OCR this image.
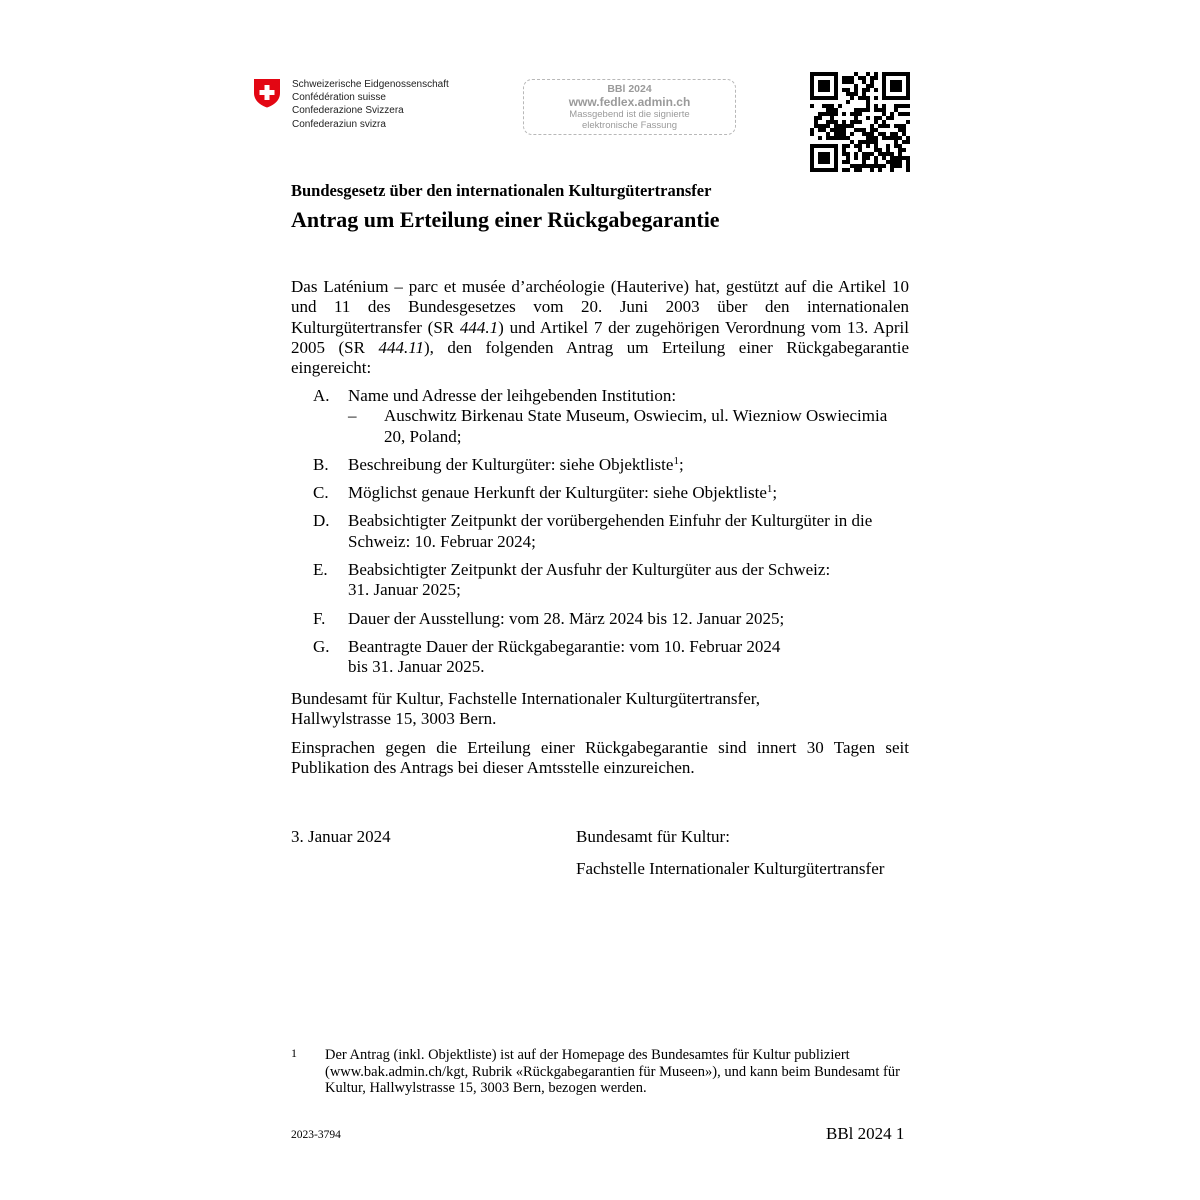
Schweizerische Eidgenossenschaft
Confédération suisse
Confederazione Svizzera
Confederaziun svizra
BBl 2024
www.fedlex.admin.ch
Massgebend ist die signierte
elektronische Fassung
Bundesgesetz über den internationalen Kulturgütertransfer
Antrag um Erteilung einer Rückgabegarantie
Das Laténium – parc et musée d’archéologie (Hauterive) hat, gestützt auf die Artikel 10 und 11 des Bundesgesetzes vom 20. Juni 2003 über den internationalen Kulturgütertransfer (SR 444.1) und Artikel 7 der zugehörigen Verordnung vom 13. April 2005 (SR 444.11), den folgenden Antrag um Erteilung einer Rückgabegarantie eingereicht:
A. Name und Adresse der leihgebenden Institution:
– Auschwitz Birkenau State Museum, Oswiecim, ul. Wiezniow Oswiecimia 20, Poland;
B. Beschreibung der Kulturgüter: siehe Objektliste$^1$;
C. Möglichst genaue Herkunft der Kulturgüter: siehe Objektliste$^1$;
D. Beabsichtigter Zeitpunkt der vorübergehenden Einfuhr der Kulturgüter in die Schweiz: 10. Februar 2024;
E. Beabsichtigter Zeitpunkt der Ausfuhr der Kulturgüter aus der Schweiz:
31. Januar 2025;
F. Dauer der Ausstellung: vom 28. März 2024 bis 12. Januar 2025;
G. Beantragte Dauer der Rückgabegarantie: vom 10. Februar 2024
bis 31. Januar 2025.
Bundesamt für Kultur, Fachstelle Internationaler Kulturgütertransfer,
Hallwylstrasse 15, 3003 Bern.
Einsprachen gegen die Erteilung einer Rückgabegarantie sind innert 30 Tagen seit Publikation des Antrags bei dieser Amtsstelle einzureichen.
3. Januar 2024	Bundesamt für Kultur:
Fachstelle Internationaler Kulturgütertransfer
1 Der Antrag (inkl. Objektliste) ist auf der Homepage des Bundesamtes für Kultur publiziert (www.bak.admin.ch/kgt, Rubrik «Rückgabegarantien für Museen»), und kann beim Bundesamt für Kultur, Hallwylstrasse 15, 3003 Bern, bezogen werden.
2023-3794	BBl 2024 1
